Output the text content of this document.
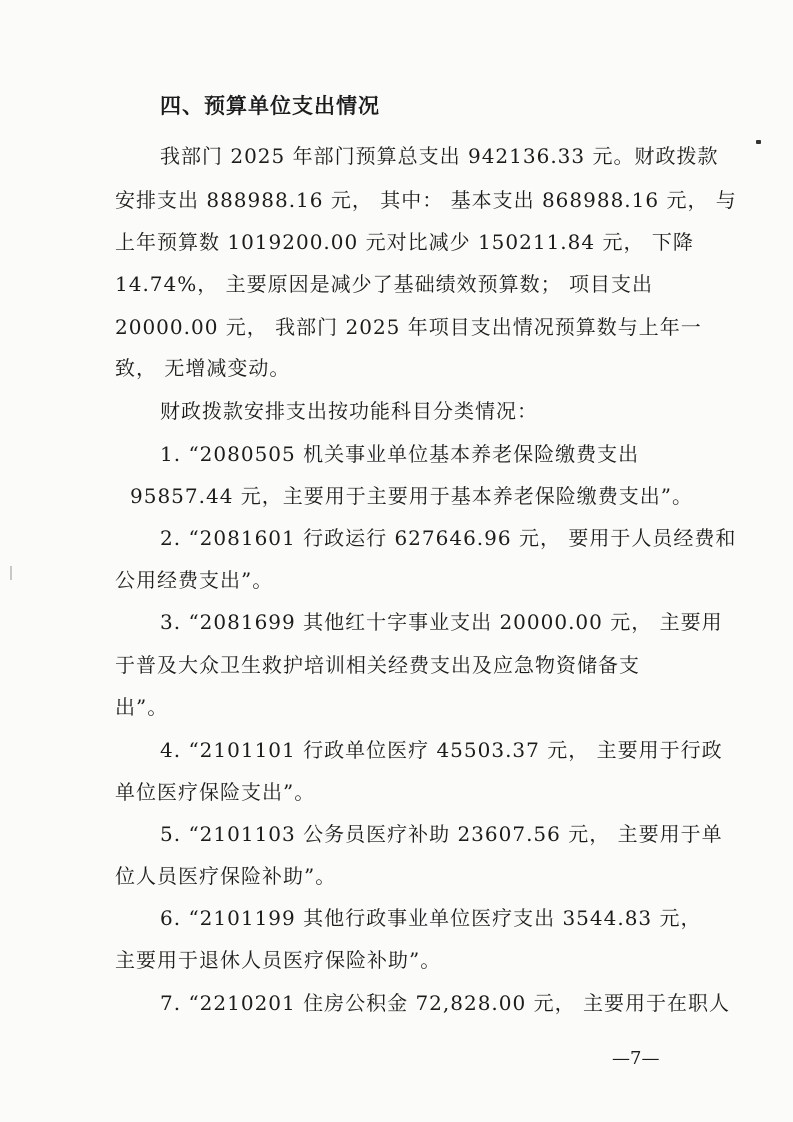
四、预算单位支出情况
我部门 2025 年部门预算总支出 942136.33 元。财政拨款
安排支出 888988.16 元， 其中： 基本支出 868988.16 元， 与
上年预算数 1019200.00 元对比减少 150211.84 元， 下降
14.74%， 主要原因是减少了基础绩效预算数； 项目支出
20000.00 元， 我部门 2025 年项目支出情况预算数与上年一
致， 无增减变动。
财政拨款安排支出按功能科目分类情况：
1. “2080505 机关事业单位基本养老保险缴费支出
95857.44 元，主要用于主要用于基本养老保险缴费支出”。
2. “2081601 行政运行 627646.96 元， 要用于人员经费和
公用经费支出”。
3. “2081699 其他红十字事业支出 20000.00 元， 主要用
于普及大众卫生救护培训相关经费支出及应急物资储备支
出”。
4. “2101101 行政单位医疗 45503.37 元， 主要用于行政
单位医疗保险支出”。
5. “2101103 公务员医疗补助 23607.56 元， 主要用于单
位人员医疗保险补助”。
6. “2101199 其他行政事业单位医疗支出 3544.83 元，
主要用于退休人员医疗保险补助”。
7. “2210201 住房公积金 72,828.00 元， 主要用于在职人
—7—
